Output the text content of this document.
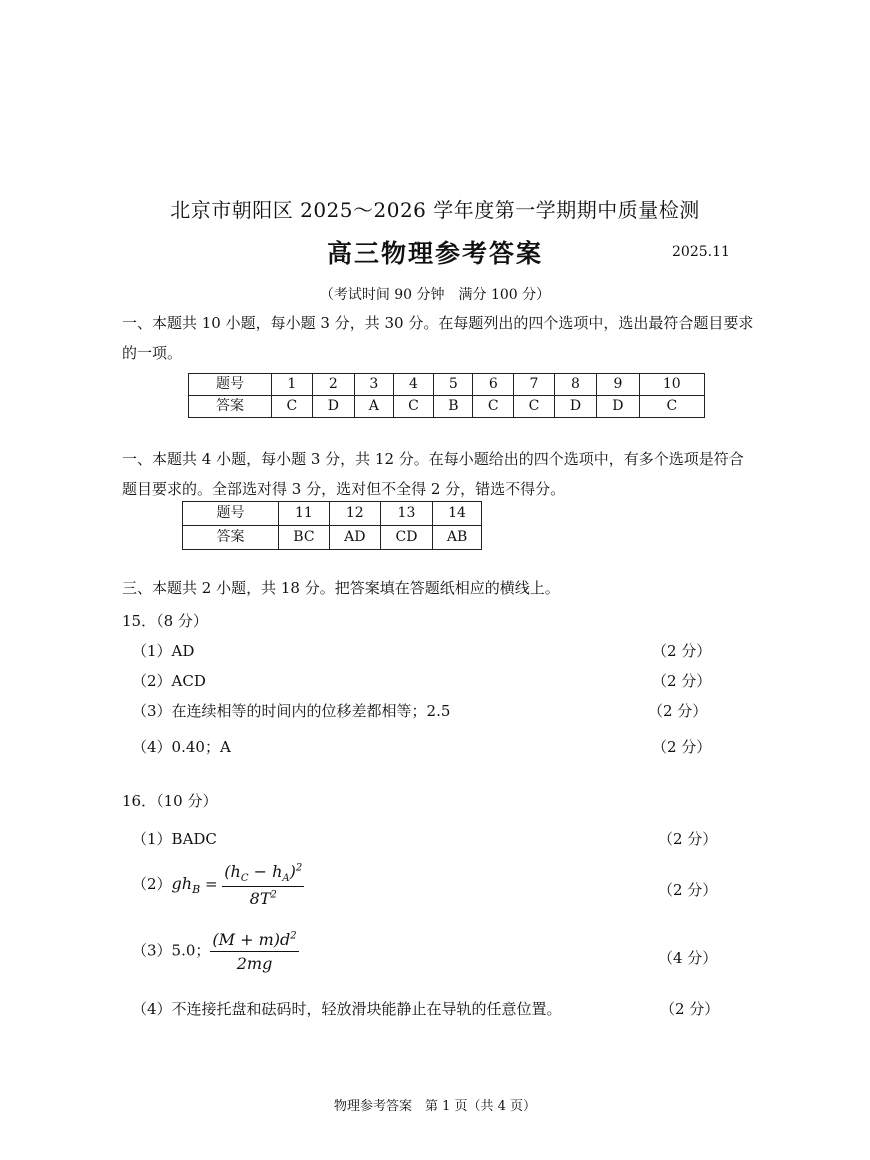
北京市朝阳区 2025～2026 学年度第一学期期中质量检测
高三物理参考答案	2025.11
（考试时间 90 分钟　满分 100 分）
一、本题共 10 小题，每小题 3 分，共 30 分。在每题列出的四个选项中，选出最符合题目要求的一项。
题号	1	2	3	4	5	6	7	8	9	10
答案	C	D	A	C	B	C	C	D	D	C
一、本题共 4 小题，每小题 3 分，共 12 分。在每小题给出的四个选项中，有多个选项是符合题目要求的。全部选对得 3 分，选对但不全得 2 分，错选不得分。
题号	11	12	13	14
答案	BC	AD	CD	AB
三、本题共 2 小题，共 18 分。把答案填在答题纸相应的横线上。
15．（8 分）
（1）AD	（2 分）
（2）ACD	（2 分）
（3）在连续相等的时间内的位移差都相等；2.5	（2 分）
（4）0.40；A	（2 分）
16．（10 分）
（1）BADC	（2 分）
$(2)gh_B = \frac{(h_C - h_A)^2}{8T^2}$	（2 分）
（3）5.0； $\frac{(M + m)d^2}{2mg}$	（4 分）
（4）不连接托盘和砝码时，轻放滑块能静止在导轨的任意位置。	（2 分）
物理参考答案　第 1 页（共 4 页）
